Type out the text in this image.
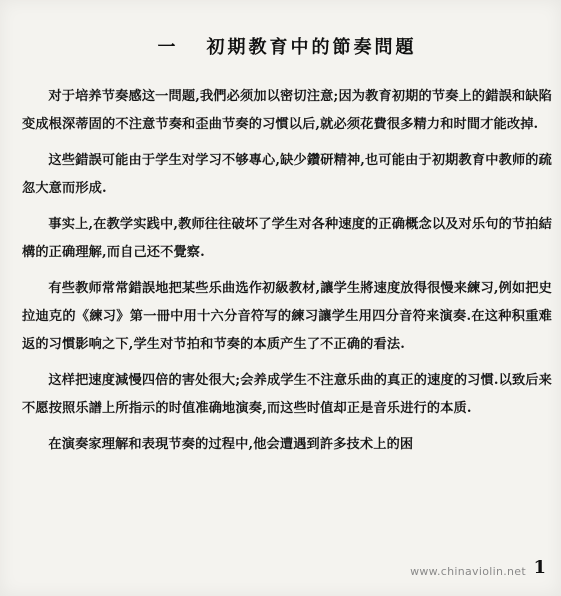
一 初期教育中的節奏問題

对于培养节奏感这一問题,我們必须加以密切注意;因为教育初期的节奏上的錯誤和缺陷变成根深蒂固的不注意节奏和歪曲节奏的习慣以后,就必须花費很多精力和时間才能改掉.

这些錯誤可能由于学生对学习不够專心,缺少鑽研精神,也可能由于初期教育中教师的疏忽大意而形成.

事实上,在教学实践中,教师往往破坏了学生对各种速度的正确概念以及对乐句的节拍結構的正确理解,而自己还不覺察.

有些教师常常錯誤地把某些乐曲选作初級教材,讓学生將速度放得很慢来練习,例如把史拉迪克的《練习》第一冊中用十六分音符写的練习讓学生用四分音符来演奏.在这种积重难返的习慣影响之下,学生对节拍和节奏的本质产生了不正确的看法.

这样把速度減慢四倍的害处很大;会养成学生不注意乐曲的真正的速度的习慣.以致后来不愿按照乐譜上所指示的时值准确地演奏,而这些时值却正是音乐进行的本质.

在演奏家理解和表現节奏的过程中,他会遭遇到許多技术上的困

www.chinaviolin.net 1
